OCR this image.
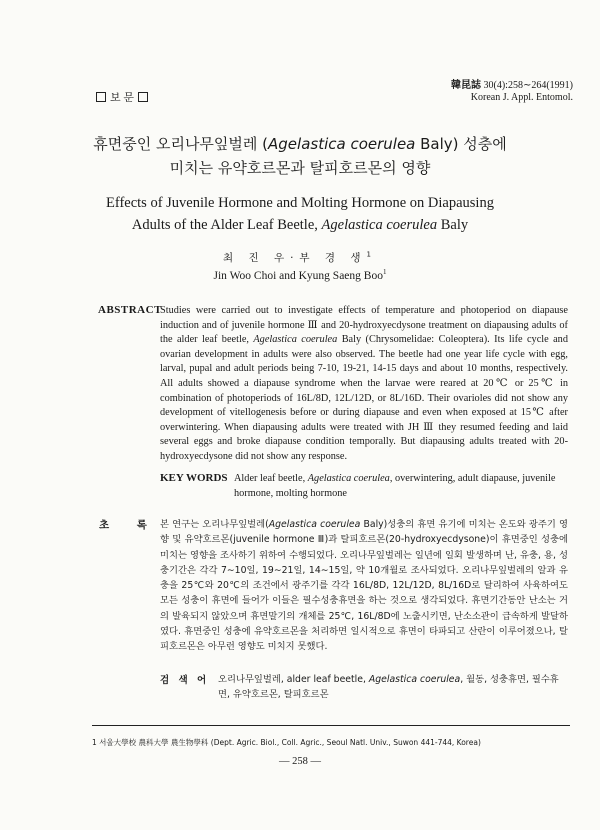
보 문
韓昆誌 30(4):258∼264(1991)
Korean J. Appl. Entomol.
휴면중인 오리나무잎벌레 (Agelastica coerulea Baly) 성충에
미치는 유약호르몬과 탈피호르몬의 영향
Effects of Juvenile Hormone and Molting Hormone on Diapausing
Adults of the Alder Leaf Beetle, Agelastica coerulea Baly
최 진 우·부 경 생$^1$
Jin Woo Choi and Kyung Saeng Boo$^1$
ABSTRACT
Studies were carried out to investigate effects of temperature and photoperiod on diapause induction and of juvenile hormone Ⅲ and 20-hydroxyecdysone treatment on diapausing adults of the alder leaf beetle, Agelastica coerulea Baly (Chrysomelidae: Coleoptera). Its life cycle and ovarian development in adults were also observed. The beetle had one year life cycle with egg, larval, pupal and adult periods being 7-10, 19-21, 14-15 days and about 10 months, respectively. All adults showed a diapause syndrome when the larvae were reared at 20℃ or 25℃ in combination of photoperiods of 16L/8D, 12L/12D, or 8L/16D. Their ovarioles did not show any development of vitellogenesis before or during diapause and even when exposed at 15℃ after overwintering. When diapausing adults were treated with JH Ⅲ they resumed feeding and laid several eggs and broke diapause condition temporally. But diapausing adults treated with 20-hydroxyecdysone did not show any response.
KEY WORDS Alder leaf beetle, Agelastica coerulea, overwintering, adult diapause, juvenile hormone, molting hormone
초 록 본 연구는 오리나무잎벌레(Agelastica coerulea Baly)성충의 휴면 유기에 미치는 온도와 광주기 영향 및 유약호르몬(juvenile hormone Ⅲ)과 탈피호르몬(20-hydroxyecdysone)이 휴면중인 성충에 미치는 영향을 조사하기 위하여 수행되었다. 오리나무잎벌레는 일년에 일회 발생하며 난, 유충, 용, 성충기간은 각각 7∼10일, 19∼21일, 14∼15일, 약 10개월로 조사되었다. 오리나무잎벌레의 알과 유충을 25℃와 20℃의 조건에서 광주기를 각각 16L/8D, 12L/12D, 8L/16D로 달리하여 사육하여도 모든 성충이 휴면에 들어가 이들은 필수성충휴면을 하는 것으로 생각되었다. 휴면기간동안 난소는 거의 발육되지 않았으며 휴면말기의 개체를 25℃, 16L/8D에 노출시키면, 난소소관이 급속하게 발달하였다. 휴면중인 성충에 유약호르몬을 처리하면 일시적으로 휴면이 타파되고 산란이 이루어졌으나, 탈피호르몬은 아무런 영향도 미치지 못했다.
검 색 어 오리나무잎벌레, alder leaf beetle, Agelastica coerulea, 월동, 성충휴면, 필수휴면, 유약호르몬, 탈피호르몬
1 서울大學校 農科大學 農生物學科 (Dept. Agric. Biol., Coll. Agric., Seoul Natl. Univ., Suwon 441-744, Korea)
— 258 —
